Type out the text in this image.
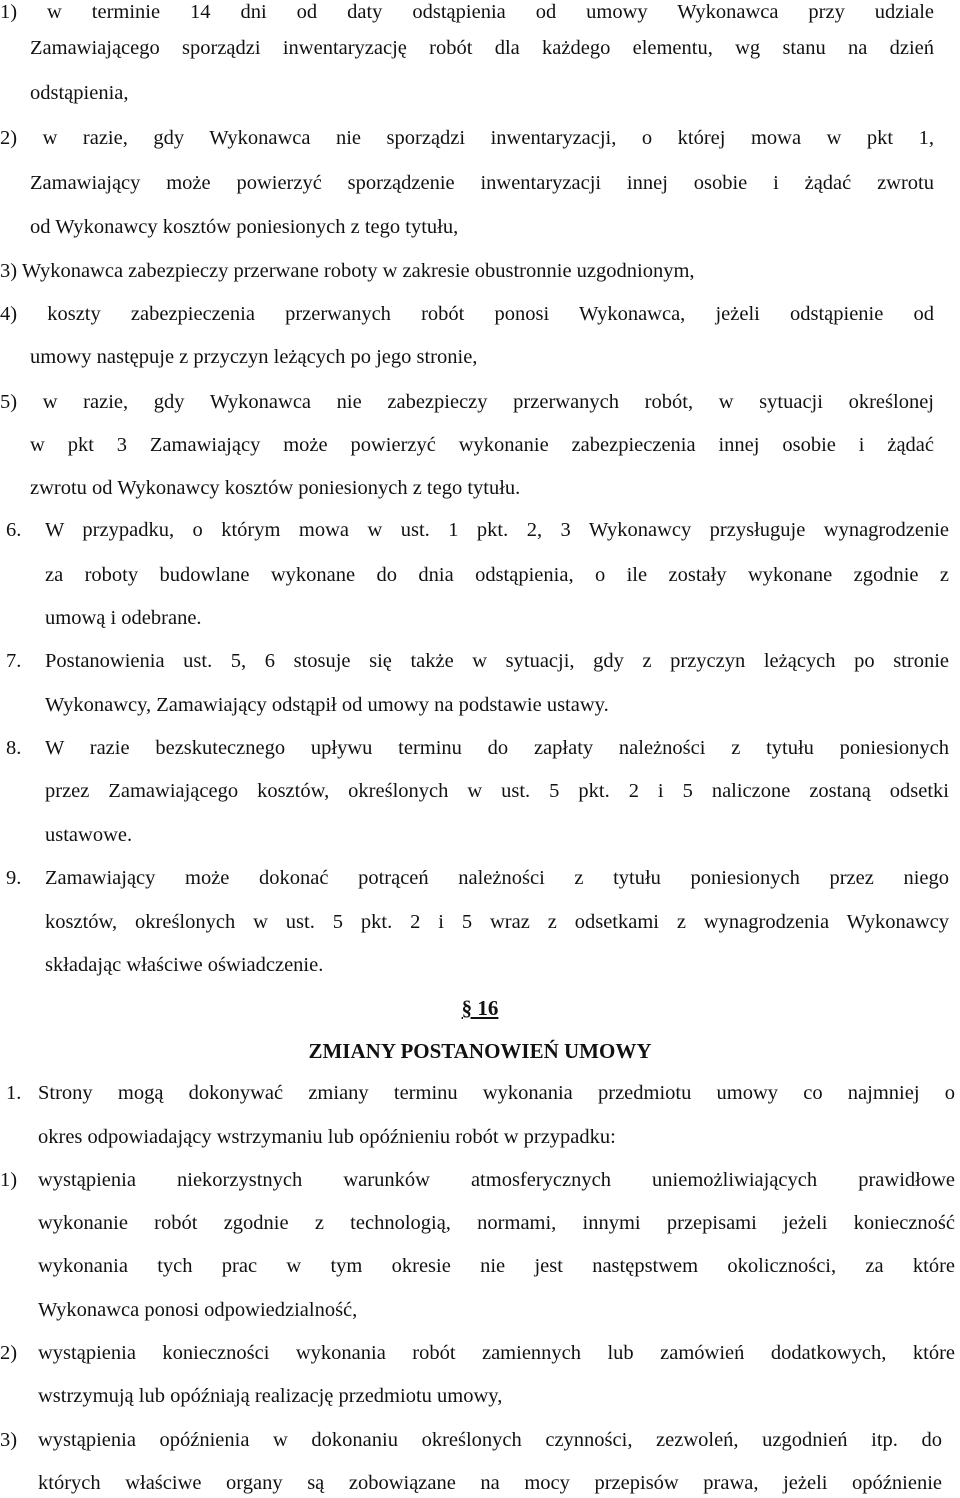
1) w terminie 14 dni od daty odstąpienia od umowy Wykonawca przy udziale
Zamawiającego sporządzi inwentaryzację robót dla każdego elementu, wg stanu na dzień
odstąpienia,
2) w razie, gdy Wykonawca nie sporządzi inwentaryzacji, o której mowa w pkt 1,
Zamawiający może powierzyć sporządzenie inwentaryzacji innej osobie i żądać zwrotu
od Wykonawcy kosztów poniesionych z tego tytułu,
3) Wykonawca zabezpieczy przerwane roboty w zakresie obustronnie uzgodnionym,
4) koszty zabezpieczenia przerwanych robót ponosi Wykonawca, jeżeli odstąpienie od
umowy następuje z przyczyn leżących po jego stronie,
5) w razie, gdy Wykonawca nie zabezpieczy przerwanych robót, w sytuacji określonej
w pkt 3 Zamawiający może powierzyć wykonanie zabezpieczenia innej osobie i żądać
zwrotu od Wykonawcy kosztów poniesionych z tego tytułu.
6. W przypadku, o którym mowa w ust. 1 pkt. 2, 3 Wykonawcy przysługuje wynagrodzenie
za roboty budowlane wykonane do dnia odstąpienia, o ile zostały wykonane zgodnie z
umową i odebrane.
7. Postanowienia ust. 5, 6 stosuje się także w sytuacji, gdy z przyczyn leżących po stronie
Wykonawcy, Zamawiający odstąpił od umowy na podstawie ustawy.
8. W razie bezskutecznego upływu terminu do zapłaty należności z tytułu poniesionych
przez Zamawiającego kosztów, określonych w ust. 5 pkt. 2 i 5 naliczone zostaną odsetki
ustawowe.
9. Zamawiający może dokonać potrąceń należności z tytułu poniesionych przez niego
kosztów, określonych w ust. 5 pkt. 2 i 5 wraz z odsetkami z wynagrodzenia Wykonawcy
składając właściwe oświadczenie.
§ 16
ZMIANY POSTANOWIEŃ UMOWY
1. Strony mogą dokonywać zmiany terminu wykonania przedmiotu umowy co najmniej o
okres odpowiadający wstrzymaniu lub opóźnieniu robót w przypadku:
1) wystąpienia niekorzystnych warunków atmosferycznych uniemożliwiających prawidłowe
wykonanie robót zgodnie z technologią, normami, innymi przepisami jeżeli konieczność
wykonania tych prac w tym okresie nie jest następstwem okoliczności, za które
Wykonawca ponosi odpowiedzialność,
2) wystąpienia konieczności wykonania robót zamiennych lub zamówień dodatkowych, które
wstrzymują lub opóźniają realizację przedmiotu umowy,
3) wystąpienia opóźnienia w dokonaniu określonych czynności, zezwoleń, uzgodnień itp. do
których właściwe organy są zobowiązane na mocy przepisów prawa, jeżeli opóźnienie
